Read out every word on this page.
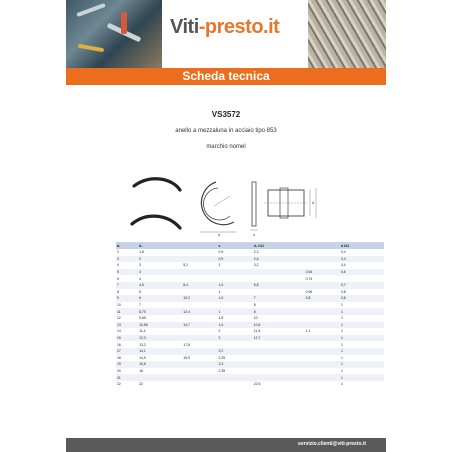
Viti-presto.it
Scheda tecnica
VS3572
anello a mezzaluna in acciaio tipo 853
marchio nomel
d	s
d
d₁	d₂		s	d₂ h11		ä h11
2	1,8		0,9	2,3		0,4
3	2		0,9	2,6		0,4
4	3	5,2	1	3,2		0,4
5	4				0,64	0,6
6	4				0,74	
7	4,5	8,4	1,6	5,8		0,7
8	5		1		0,96	0,8
9	6	10,2	1,6	7	0,8	0,8
10	7			8		1
11	8,70	12,4	1	8		1
12	9,65		1,8	10		1
13	10,55	14,7	1,6	10,5		1
14	11,4		2	11,5	1,1	1
15	12,3		2	12,7		1
16	13,2	17,8				1
17	14,1		2,2			1
18	14,9	19,9	2,25			1
19	15,6		2,3			1
20	16		2,35			1
21						1
22	22			22,6		1
servizio.clienti@viti-presto.it
